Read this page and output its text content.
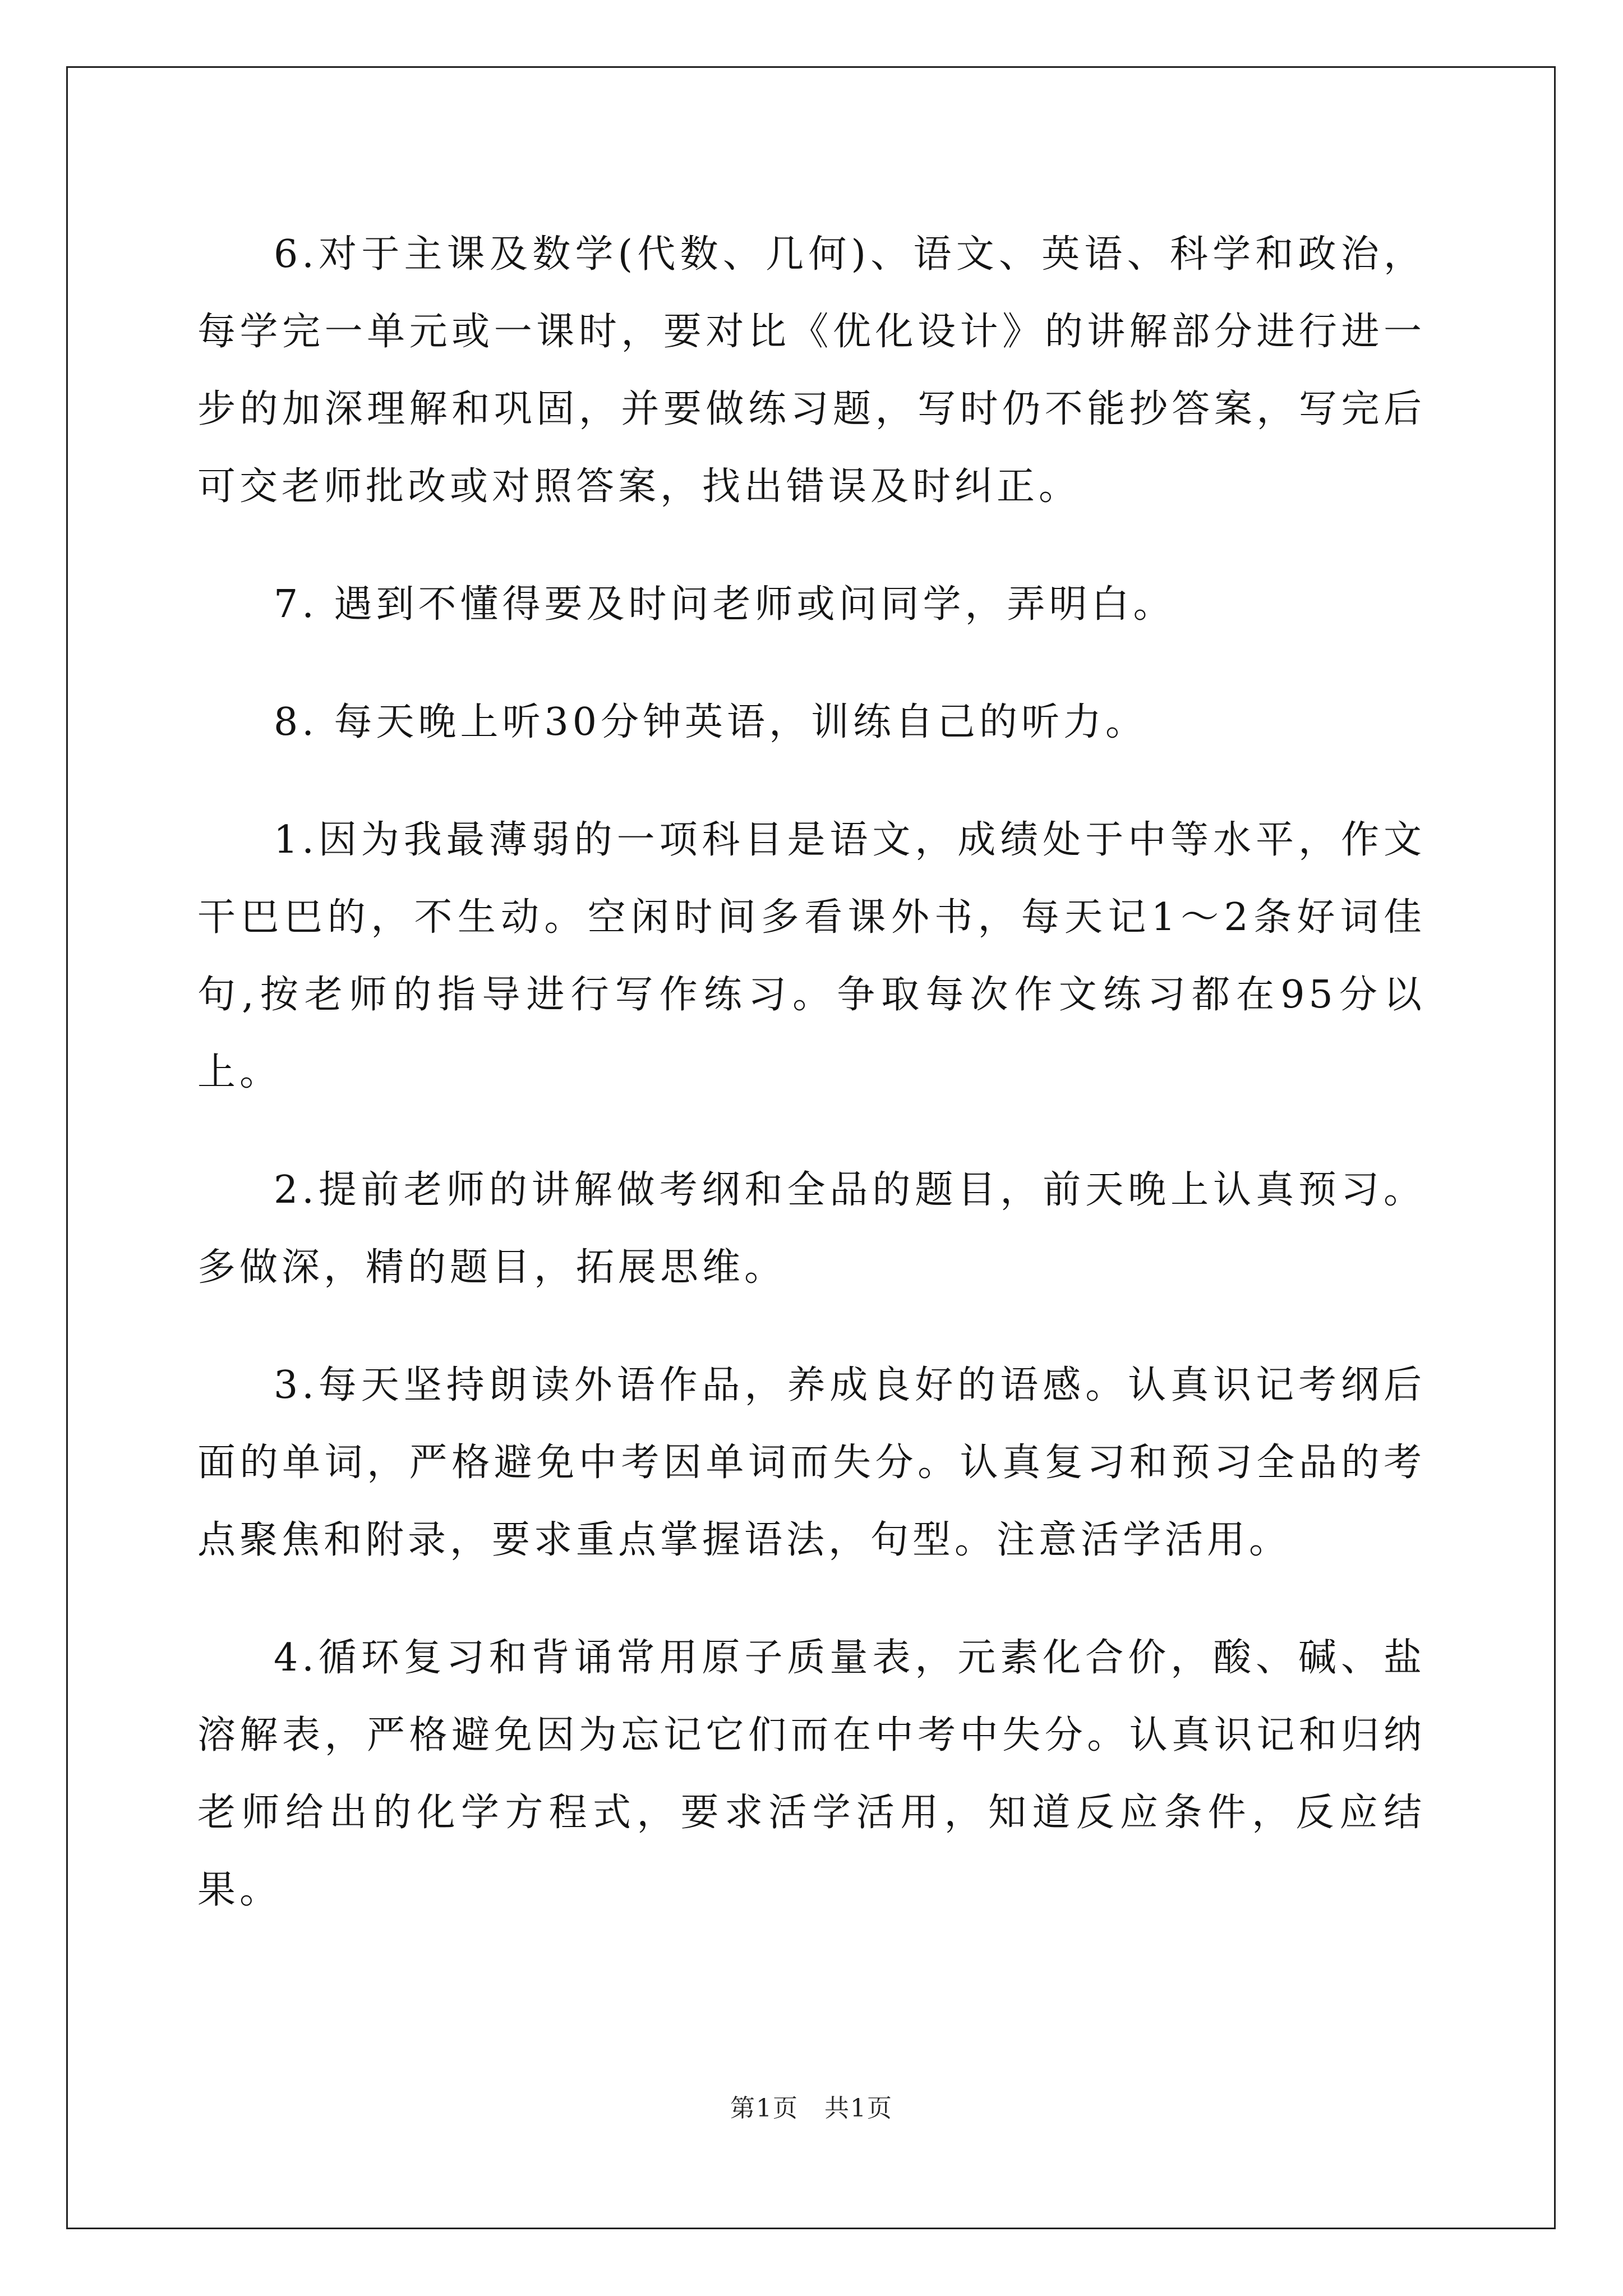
6.对于主课及数学(代数、几何)、语文、英语、科学和政治，每学完一单元或一课时，要对比《优化设计》的讲解部分进行进一步的加深理解和巩固，并要做练习题，写时仍不能抄答案，写完后可交老师批改或对照答案，找出错误及时纠正。

7. 遇到不懂得要及时问老师或问同学，弄明白。

8. 每天晚上听30分钟英语，训练自己的听力。

1.因为我最薄弱的一项科目是语文，成绩处于中等水平，作文干巴巴的，不生动。空闲时间多看课外书，每天记1～2条好词佳句,按老师的指导进行写作练习。争取每次作文练习都在95分以上。

2.提前老师的讲解做考纲和全品的题目，前天晚上认真预习。多做深，精的题目，拓展思维。

3.每天坚持朗读外语作品，养成良好的语感。认真识记考纲后面的单词，严格避免中考因单词而失分。认真复习和预习全品的考点聚焦和附录，要求重点掌握语法，句型。注意活学活用。

4.循环复习和背诵常用原子质量表，元素化合价，酸、碱、盐溶解表，严格避免因为忘记它们而在中考中失分。认真识记和归纳老师给出的化学方程式，要求活学活用，知道反应条件，反应结果。

第1页　共1页
